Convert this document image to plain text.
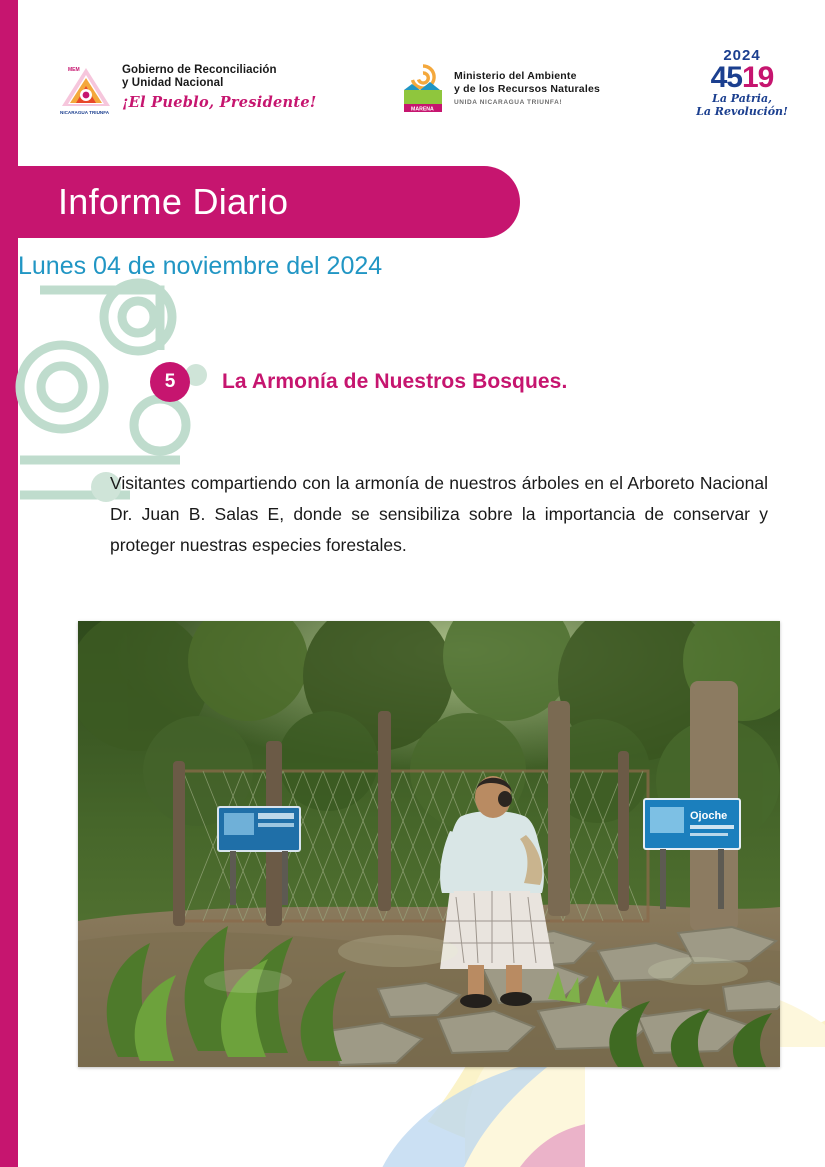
MEM
NICARAGUA TRIUNFA
Gobierno de Reconciliación
y Unidad Nacional
¡El Pueblo, Presidente!	MARENA
Ministerio del Ambiente
y de los Recursos Naturales
UNIDA NICARAGUA TRIUNFA!
2024
4519
La Patria,
La Revolución!
Informe Diario
Lunes 04 de noviembre del 2024
5	La Armonía de Nuestros Bosques.
Visitantes compartiendo con la armonía de nuestros árboles en el Arboreto Nacional Dr. Juan B. Salas E, donde se sensibiliza sobre la importancia de conservar y proteger nuestras especies forestales.
Ojoche
